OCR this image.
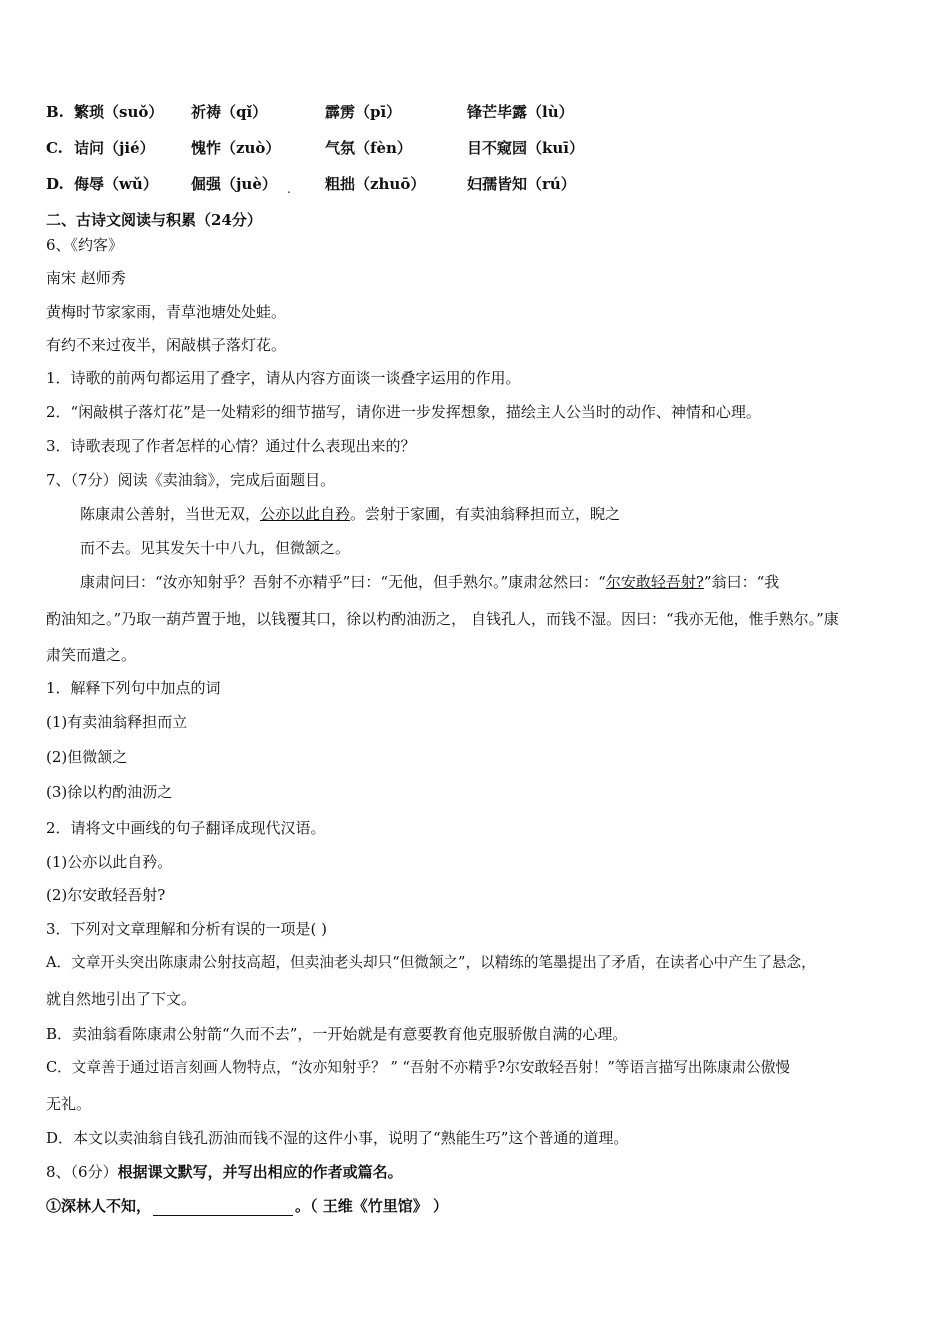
B. 繁琐（suǒ） 祈祷（qǐ）	霹雳（pī）	锋芒毕露（lù）
C. 诘问（jié） 愧怍（zuò）	气氛（fèn）	目不窥园（kuī）
D. 侮辱（wǔ） 倔强（juè） . 粗拙（zhuō）	妇孺皆知（rú）
二、古诗文阅读与积累（24分）
6、《约客》
南宋 赵师秀
黄梅时节家家雨，青草池塘处处蛙。
有约不来过夜半，闲敲棋子落灯花。
1．诗歌的前两句都运用了叠字，请从内容方面谈一谈叠字运用的作用。
2．“闲敲棋子落灯花”是一处精彩的细节描写，请你进一步发挥想象，描绘主人公当时的动作、神情和心理。
3．诗歌表现了作者怎样的心情？通过什么表现出来的？
7、（7分）阅读《卖油翁》，完成后面题目。
陈康肃公善射，当世无双，公亦以此自矜。尝射于家圃，有卖油翁释担而立，睨之
而不去。见其发矢十中八九，但微颔之。
康肃问曰：“汝亦知射乎？吾射不亦精乎”曰：“无他，但手熟尔。”康肃忿然曰：“尔安敢轻吾射?”翁曰：“我
酌油知之。”乃取一葫芦置于地，以钱覆其口，徐以杓酌油沥之， 自钱孔人，而钱不湿。因曰：“我亦无他，惟手熟尔。”康
肃笑而遣之。
1．解释下列句中加点的词
(1)有卖油翁释担而立
(2)但微颔之
(3)徐以杓酌油沥之
2．请将文中画线的句子翻译成现代汉语。
(1)公亦以此自矜。
(2)尔安敢轻吾射?
3．下列对文章理解和分析有误的一项是( )
A．文章开头突出陈康肃公射技高超，但卖油老头却只“但微颔之”，以精练的笔墨提出了矛盾，在读者心中产生了悬念，
就自然地引出了下文。
B．卖油翁看陈康肃公射箭“久而不去”，一开始就是有意要教育他克服骄傲自满的心理。
C．文章善于通过语言刻画人物特点，“汝亦知射乎？ ” “吾射不亦精乎?尔安敢轻吾射！”等语言描写出陈康肃公傲慢
无礼。
D．本文以卖油翁自钱孔沥油而钱不湿的这件小事，说明了“熟能生巧”这个普通的道理。
8、（6分）根据课文默写，并写出相应的作者或篇名。
①深林人不知，	。（ 王维《竹里馆》 ）
